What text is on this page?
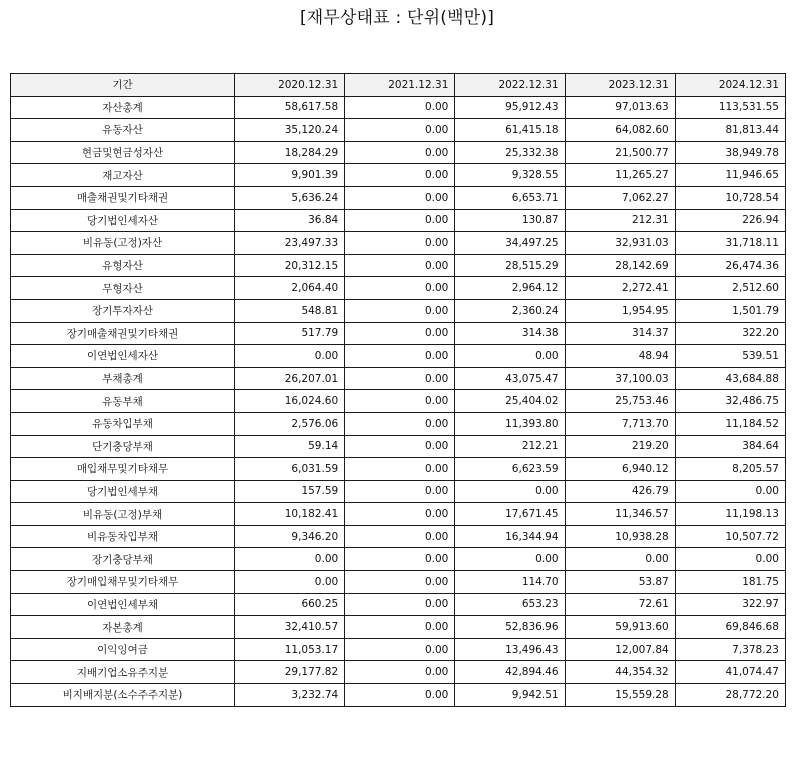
[재무상태표 : 단위(백만)]
기간	2020.12.31	2021.12.31	2022.12.31	2023.12.31	2024.12.31
자산총계	58,617.58	0.00	95,912.43	97,013.63	113,531.55
유동자산	35,120.24	0.00	61,415.18	64,082.60	81,813.44
현금및현금성자산	18,284.29	0.00	25,332.38	21,500.77	38,949.78
재고자산	9,901.39	0.00	9,328.55	11,265.27	11,946.65
매출채권및기타채권	5,636.24	0.00	6,653.71	7,062.27	10,728.54
당기법인세자산	36.84	0.00	130.87	212.31	226.94
비유동(고정)자산	23,497.33	0.00	34,497.25	32,931.03	31,718.11
유형자산	20,312.15	0.00	28,515.29	28,142.69	26,474.36
무형자산	2,064.40	0.00	2,964.12	2,272.41	2,512.60
장기투자자산	548.81	0.00	2,360.24	1,954.95	1,501.79
장기매출채권및기타채권	517.79	0.00	314.38	314.37	322.20
이연법인세자산	0.00	0.00	0.00	48.94	539.51
부채총계	26,207.01	0.00	43,075.47	37,100.03	43,684.88
유동부채	16,024.60	0.00	25,404.02	25,753.46	32,486.75
유동차입부채	2,576.06	0.00	11,393.80	7,713.70	11,184.52
단기충당부채	59.14	0.00	212.21	219.20	384.64
매입채무및기타채무	6,031.59	0.00	6,623.59	6,940.12	8,205.57
당기법인세부채	157.59	0.00	0.00	426.79	0.00
비유동(고정)부채	10,182.41	0.00	17,671.45	11,346.57	11,198.13
비유동차입부채	9,346.20	0.00	16,344.94	10,938.28	10,507.72
장기충당부채	0.00	0.00	0.00	0.00	0.00
장기매입채무및기타채무	0.00	0.00	114.70	53.87	181.75
이연법인세부채	660.25	0.00	653.23	72.61	322.97
자본총계	32,410.57	0.00	52,836.96	59,913.60	69,846.68
이익잉여금	11,053.17	0.00	13,496.43	12,007.84	7,378.23
지배기업소유주지분	29,177.82	0.00	42,894.46	44,354.32	41,074.47
비지배지분(소수주주지분)	3,232.74	0.00	9,942.51	15,559.28	28,772.20
